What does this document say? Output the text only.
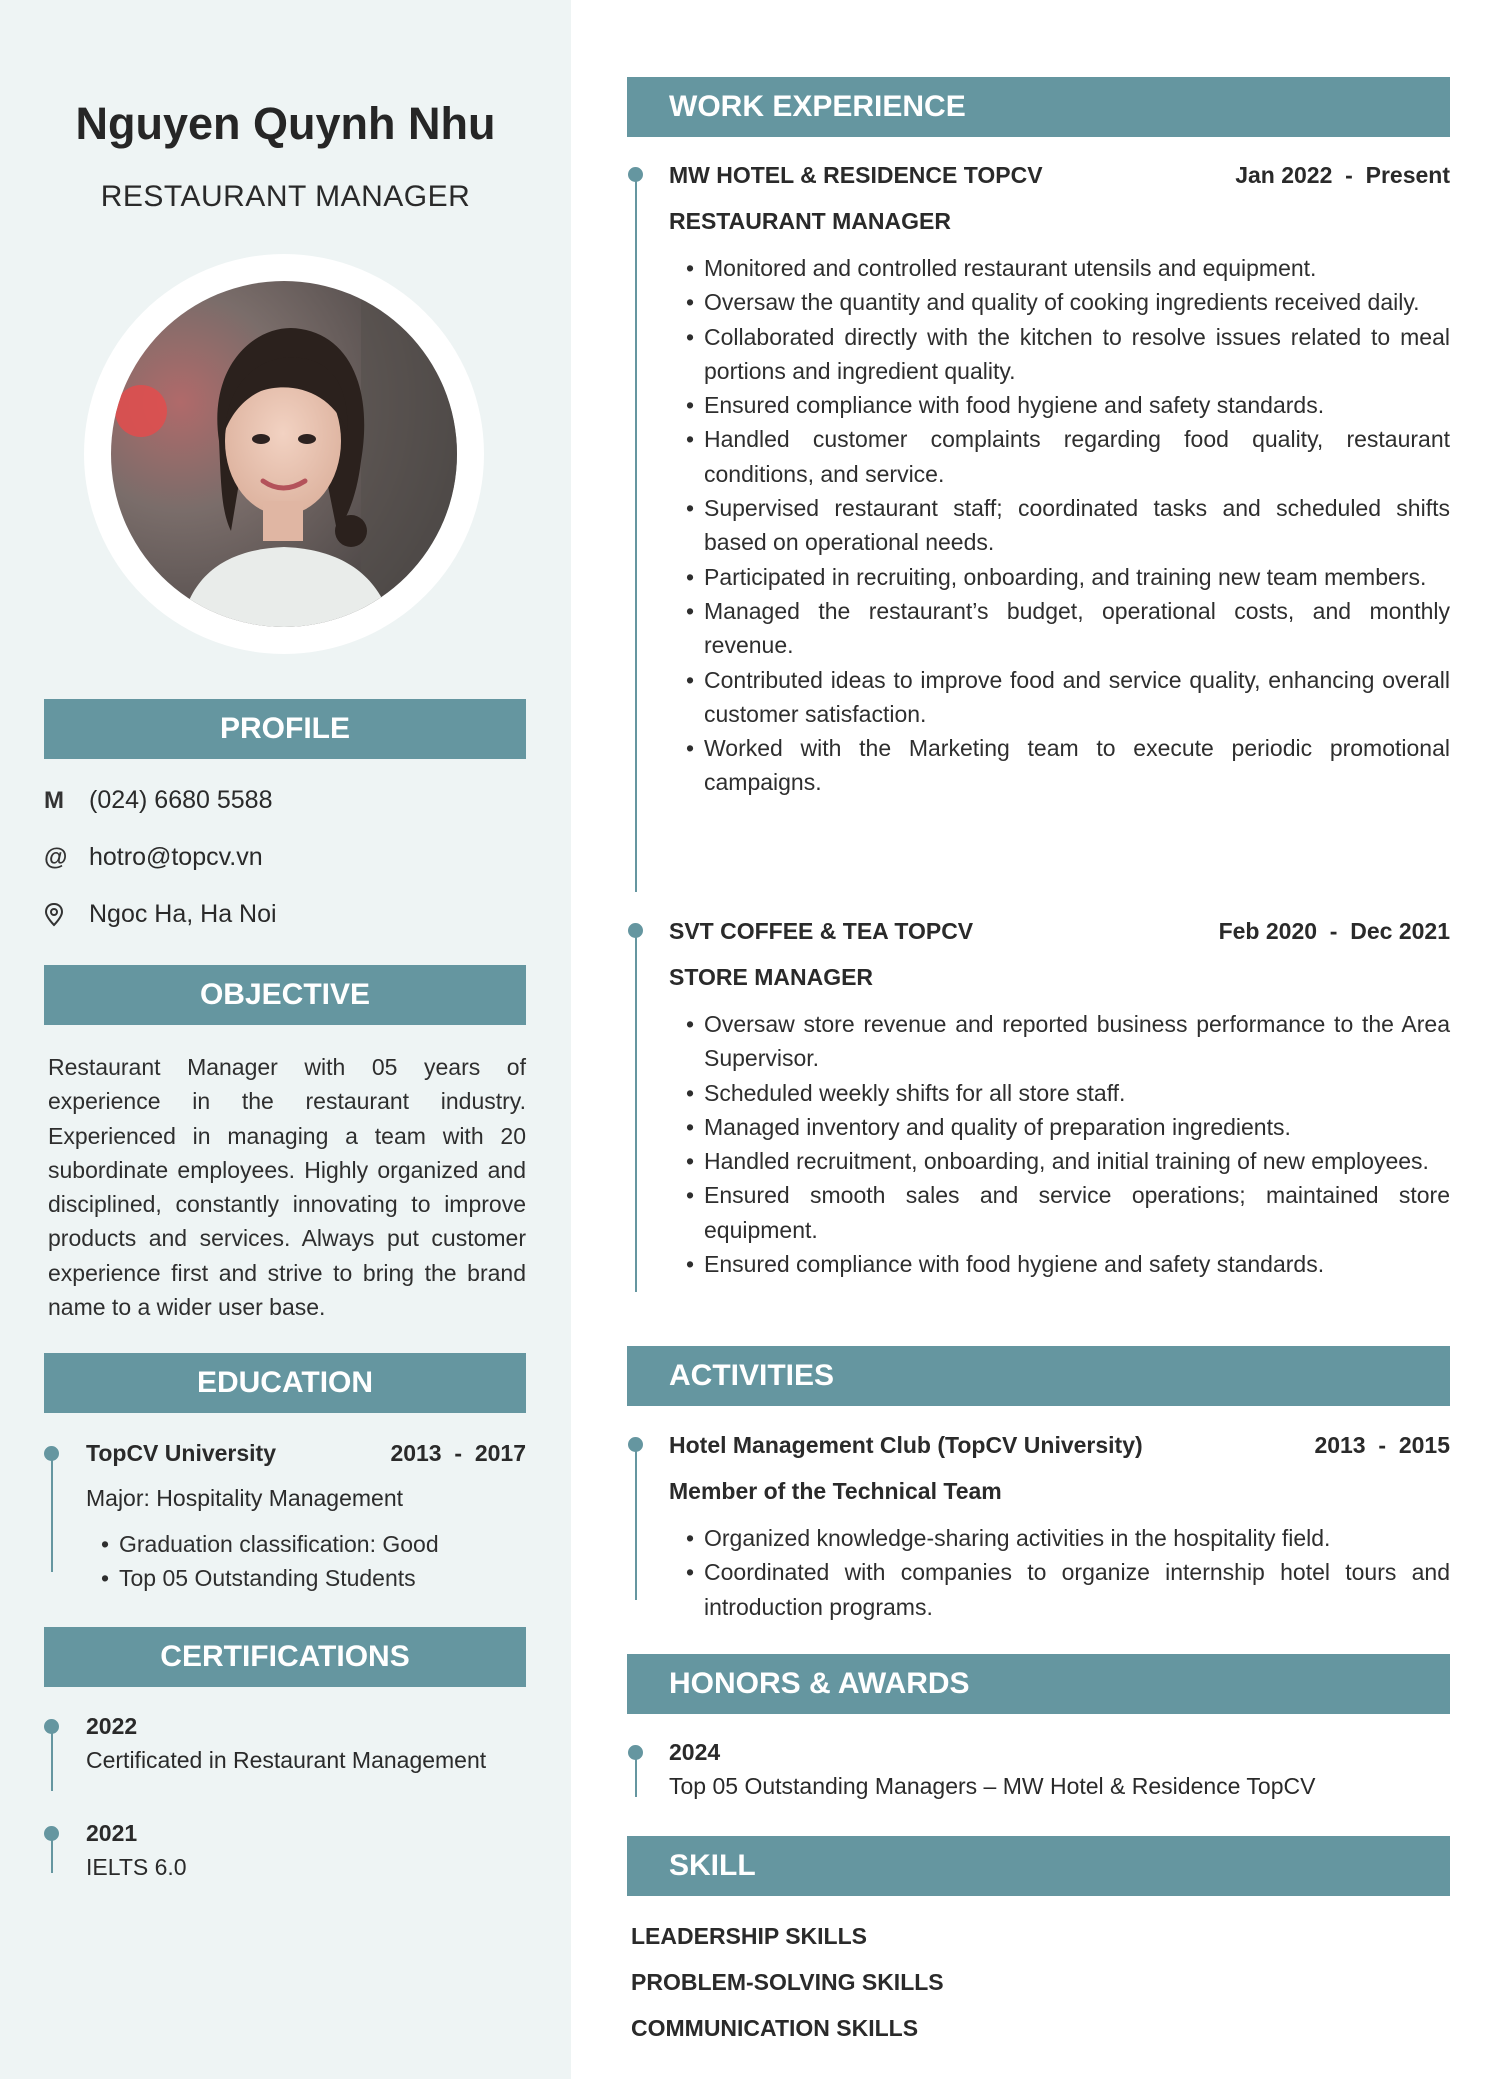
Nguyen Quynh Nhu
RESTAURANT MANAGER
PROFILE
M	(024) 6680 5588
@ hotro@topcv.vn
Ngoc Ha, Ha Noi
OBJECTIVE
Restaurant Manager with 05 years of experience in the restaurant industry. Experienced in managing a team with 20 subordinate employees. Highly organized and disciplined, constantly innovating to improve products and services. Always put customer experience first and strive to bring the brand name to a wider user base.
EDUCATION
TopCV University	2013  -  2017
Major: Hospitality Management
• Graduation classification: Good
• Top 05 Outstanding Students
CERTIFICATIONS
2022
Certificated in Restaurant Management
2021
IELTS 6.0
WORK EXPERIENCE
MW HOTEL & RESIDENCE TOPCV	Jan 2022  -  Present
RESTAURANT MANAGER
• Monitored and controlled restaurant utensils and equipment.
• Oversaw the quantity and quality of cooking ingredients received daily.
• Collaborated directly with the kitchen to resolve issues related to meal portions and ingredient quality.
• Ensured compliance with food hygiene and safety standards.
• Handled customer complaints regarding food quality, restaurant conditions, and service.
• Supervised restaurant staff; coordinated tasks and scheduled shifts based on operational needs.
• Participated in recruiting, onboarding, and training new team members.
• Managed the restaurant’s budget, operational costs, and monthly revenue.
• Contributed ideas to improve food and service quality, enhancing overall customer satisfaction.
• Worked with the Marketing team to execute periodic promotional campaigns.
SVT COFFEE & TEA TOPCV	Feb 2020  -  Dec 2021
STORE MANAGER
• Oversaw store revenue and reported business performance to the Area Supervisor.
• Scheduled weekly shifts for all store staff.
• Managed inventory and quality of preparation ingredients.
• Handled recruitment, onboarding, and initial training of new employees.
• Ensured smooth sales and service operations; maintained store equipment.
• Ensured compliance with food hygiene and safety standards.
ACTIVITIES
Hotel Management Club (TopCV University)	2013  -  2015
Member of the Technical Team
• Organized knowledge-sharing activities in the hospitality field.
• Coordinated with companies to organize internship hotel tours and introduction programs.
HONORS & AWARDS
2024
Top 05 Outstanding Managers – MW Hotel & Residence TopCV
SKILL
LEADERSHIP SKILLS
PROBLEM-SOLVING SKILLS
COMMUNICATION SKILLS
